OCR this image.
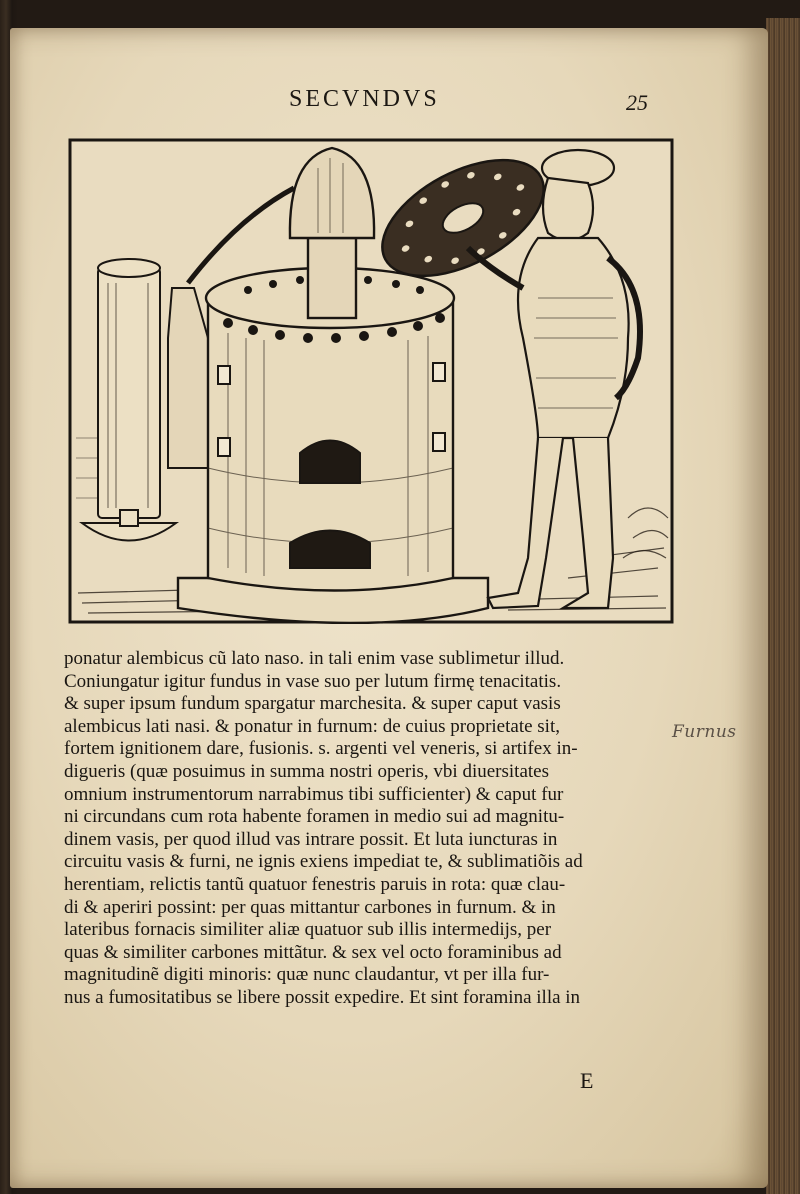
SECVNDVS	25
ponatur alembicus cũ lato naso. in tali enim vase sublimetur illud.
Coniungatur igitur fundus in vase suo per lutum firmę tenacitatis.
& super ipsum fundum spargatur marchesita. & super caput vasis
alembicus lati nasi. & ponatur in furnum: de cuius proprietate sit,
fortem ignitionem dare, fusionis. s. argenti vel veneris, si artifex in-
digueris (quæ posuimus in summa nostri operis, vbi diuersitates
omnium instrumentorum narrabimus tibi sufficienter) & caput fur
ni circundans cum rota habente foramen in medio sui ad magnitu-
dinem vasis, per quod illud vas intrare possit. Et luta iuncturas in
circuitu vasis & furni, ne ignis exiens impediat te, & sublimatiõis ad
herentiam, relictis tantũ quatuor fenestris paruis in rota: quæ clau-
di & aperiri possint: per quas mittantur carbones in furnum. & in
lateribus fornacis similiter aliæ quatuor sub illis intermedijs, per
quas & similiter carbones mittãtur. & sex vel octo foraminibus ad
magnitudinẽ digiti minoris: quæ nunc claudantur, vt per illa fur-
nus a fumositatibus se libere possit expedire. Et sint foramina illa in
E
Furnus
